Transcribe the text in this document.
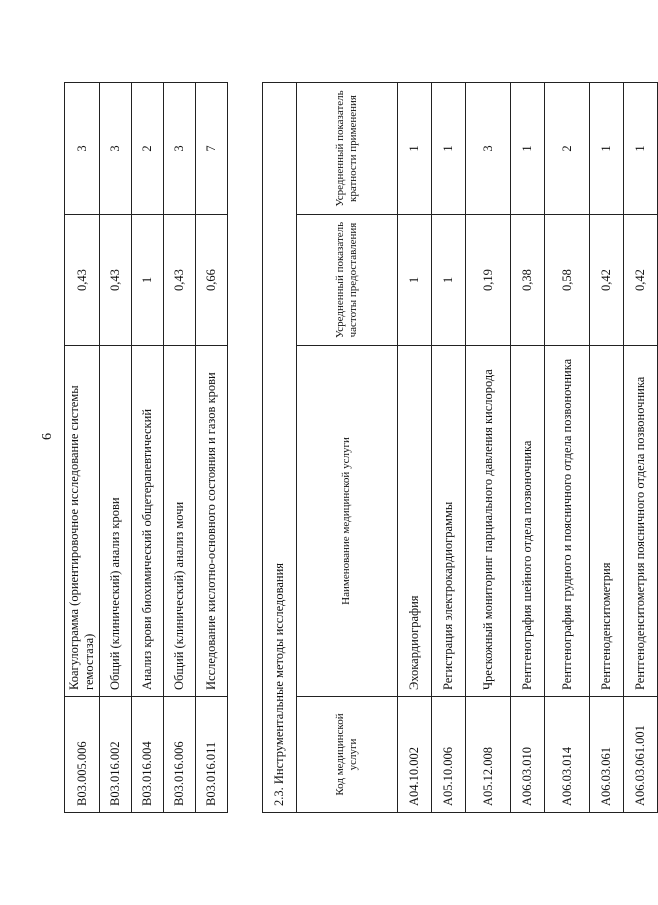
6
B03.005.006	Коагулограмма (ориентировочное исследование системы гемостаза)	0,43	3
B03.016.002	Общий (клинический) анализ крови	0,43	3
B03.016.004	Анализ крови биохимический общетерапевтический	1	2
B03.016.006	Общий (клинический) анализ мочи	0,43	3
B03.016.011	Исследование кислотно-основного состояния и газов крови	0,66	7
2.3. Инструментальные методы исследования			
Код медицинской услуги	Наименование медицинской услуги	Усредненный показатель частоты предоставления	Усредненный показатель кратности применения
A04.10.002	Эхокардиография	1	1
A05.10.006	Регистрация электрокардиограммы	1	1
A05.12.008	Чрескожный мониторинг парциального давления кислорода	0,19	3
A06.03.010	Рентгенография шейного отдела позвоночника	0,38	1
A06.03.014	Рентгенография грудного и поясничного отдела позвоночника	0,58	2
A06.03.061	Рентгеноденситометрия	0,42	1
A06.03.061.001	Рентгеноденситометрия поясничного отдела позвоночника	0,42	1
